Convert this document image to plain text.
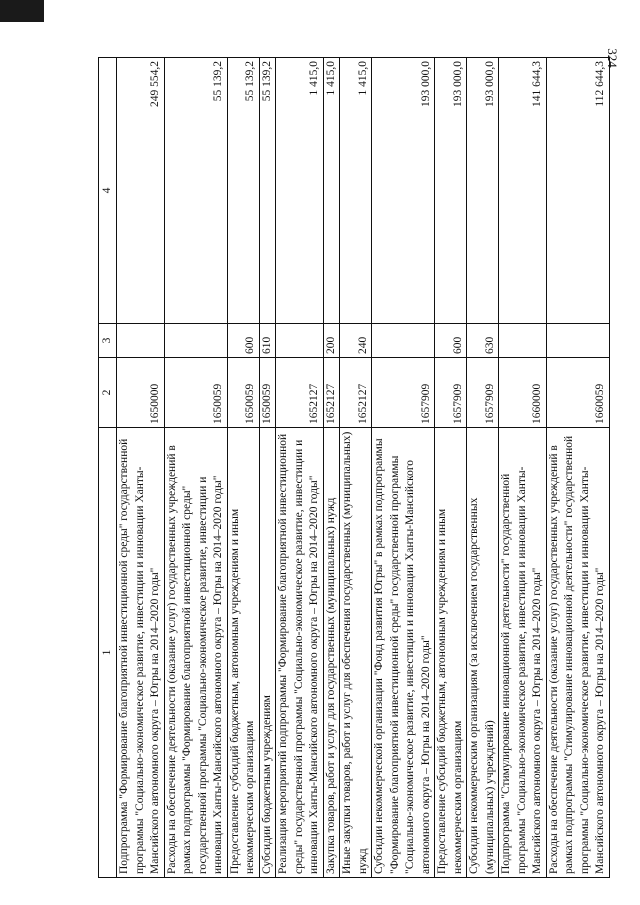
324
1	2	3	4
Подпрограмма "Формирование благоприятной инвестиционной среды" государственной программы "Социально-экономическое развитие, инвестиции и инновации Ханты-Мансийского автономного округа – Югры на 2014–2020 годы"	1650000		249 554,2
Расходы на обеспечение деятельности (оказание услуг) государственных учреждений в рамках подпрограммы "Формирование благоприятной инвестиционной среды" государственной программы "Социально-экономическое развитие, инвестиции и инновации Ханты-Мансийского автономного округа – Югры на 2014–2020 годы"	1650059		55 139,2
Предоставление субсидий бюджетным, автономным учреждениям и иным некоммерческим организациям	1650059	600	55 139,2
Субсидии бюджетным учреждениям	1650059	610	55 139,2
Реализация мероприятий подпрограммы "Формирование благоприятной инвестиционной среды" государственной программы "Социально-экономическое развитие, инвестиции и инновации Ханты-Мансийского автономного округа – Югры на 2014–2020 годы"	1652127		1 415,0
Закупка товаров, работ и услуг для государственных (муниципальных) нужд	1652127	200	1 415,0
Иные закупки товаров, работ и услуг для обеспечения государственных (муниципальных) нужд	1652127	240	1 415,0
Субсидии некоммерческой организации "Фонд развития Югры" в рамках подпрограммы "Формирование благоприятной инвестиционной среды" государственной программы "Социально-экономическое развитие, инвестиции и инновации Ханты-Мансийского автономного округа – Югры на 2014–2020 годы"	1657909		193 000,0
Предоставление субсидий бюджетным, автономным учреждениям и иным некоммерческим организациям	1657909	600	193 000,0
Субсидии некоммерческим организациям (за исключением государственных (муниципальных) учреждений)	1657909	630	193 000,0
Подпрограмма "Стимулирование инновационной деятельности" государственной программы "Социально-экономическое развитие, инвестиции и инновации Ханты-Мансийского автономного округа – Югры на 2014–2020 годы"	1660000		141 644,3
Расходы на обеспечение деятельности (оказание услуг) государственных учреждений в рамках подпрограммы "Стимулирование инновационной деятельности" государственной программы "Социально-экономическое развитие, инвестиции и инновации Ханты-Мансийского автономного округа – Югры на 2014–2020 годы"	1660059		112 644,3
